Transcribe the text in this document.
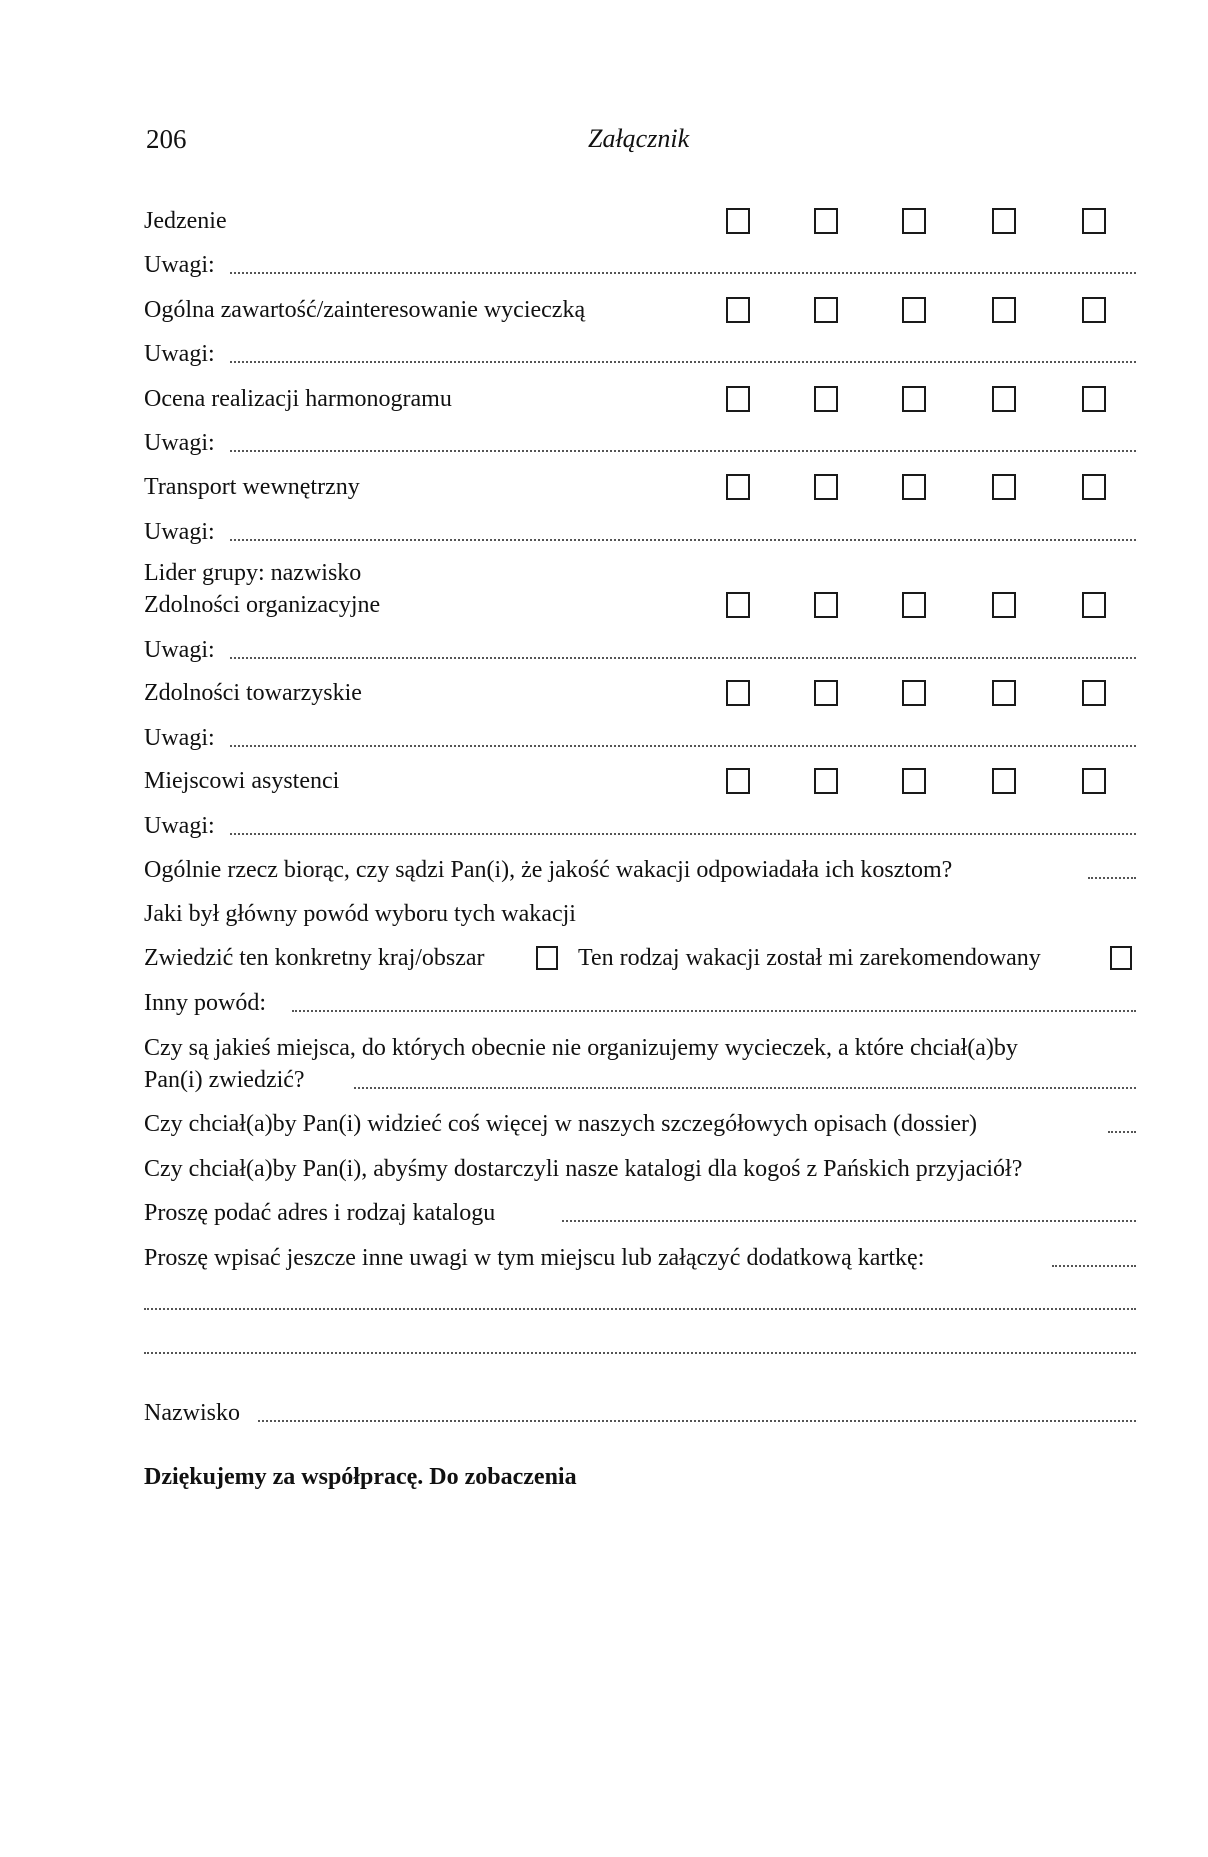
206	Załącznik
Jedzenie
Uwagi:
Ogólna zawartość/zainteresowanie wycieczką
Uwagi:
Ocena realizacji harmonogramu
Uwagi:
Transport wewnętrzny
Uwagi:
Lider grupy: nazwisko
Zdolności organizacyjne
Uwagi:
Zdolności towarzyskie
Uwagi:
Miejscowi asystenci
Uwagi:
Ogólnie rzecz biorąc, czy sądzi Pan(i), że jakość wakacji odpowiadała ich kosztom?
Jaki był główny powód wyboru tych wakacji
Zwiedzić ten konkretny kraj/obszar	Ten rodzaj wakacji został mi zarekomendowany
Inny powód:
Czy są jakieś miejsca, do których obecnie nie organizujemy wycieczek, a które chciał(a)by
Pan(i) zwiedzić?
Czy chciał(a)by Pan(i) widzieć coś więcej w naszych szczegółowych opisach (dossier)
Czy chciał(a)by Pan(i), abyśmy dostarczyli nasze katalogi dla kogoś z Pańskich przyjaciół?
Proszę podać adres i rodzaj katalogu
Proszę wpisać jeszcze inne uwagi w tym miejscu lub załączyć dodatkową kartkę:
Nazwisko
Dziękujemy za współpracę. Do zobaczenia
